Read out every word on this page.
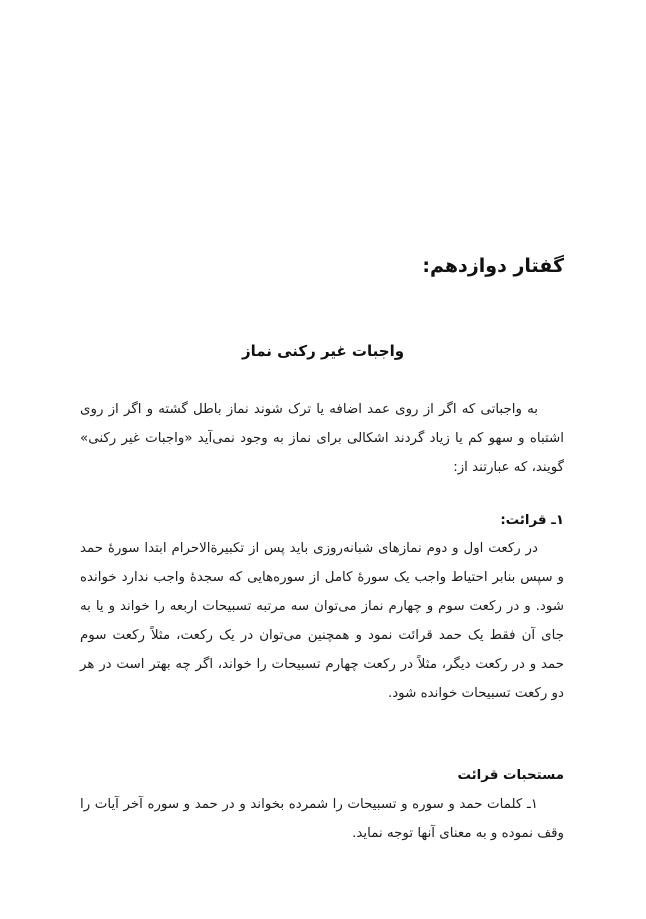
گفتار دوازدهم:
واجبات غیر رکنی نماز
به واجباتی که اگر از روی عمد اضافه یا ترک شوند نماز باطل گشته و اگر از روی اشتباه و سهو کم یا زیاد گردند اشکالی برای نماز به وجود نمی‌آید «واجبات غیر رکنی» گویند، که عبارتند از:
۱ـ قرائت:
در رکعت اول و دوم نمازهای شبانه‌روزی باید پس از تکبیرةالاحرام ابتدا سورهٔ حمد و سپس بنابر احتیاط واجب یک سورهٔ کامل از سوره‌هایی که سجدهٔ واجب ندارد خوانده شود. و در رکعت سوم و چهارم نماز می‌توان سه مرتبه تسبیحات اربعه را خواند و یا به جای آن فقط یک حمد قرائت نمود و همچنین می‌توان در یک رکعت، مثلاً رکعت سوم حمد و در رکعت دیگر، مثلاً در رکعت چهارم تسبیحات را خواند، اگر چه بهتر است در هر دو رکعت تسبیحات خوانده شود.
مستحبات قرائت
۱ـ کلمات حمد و سوره و تسبیحات را شمرده بخواند و در حمد و سوره آخر آیات را وقف نموده و به معنای آنها توجه نماید.
